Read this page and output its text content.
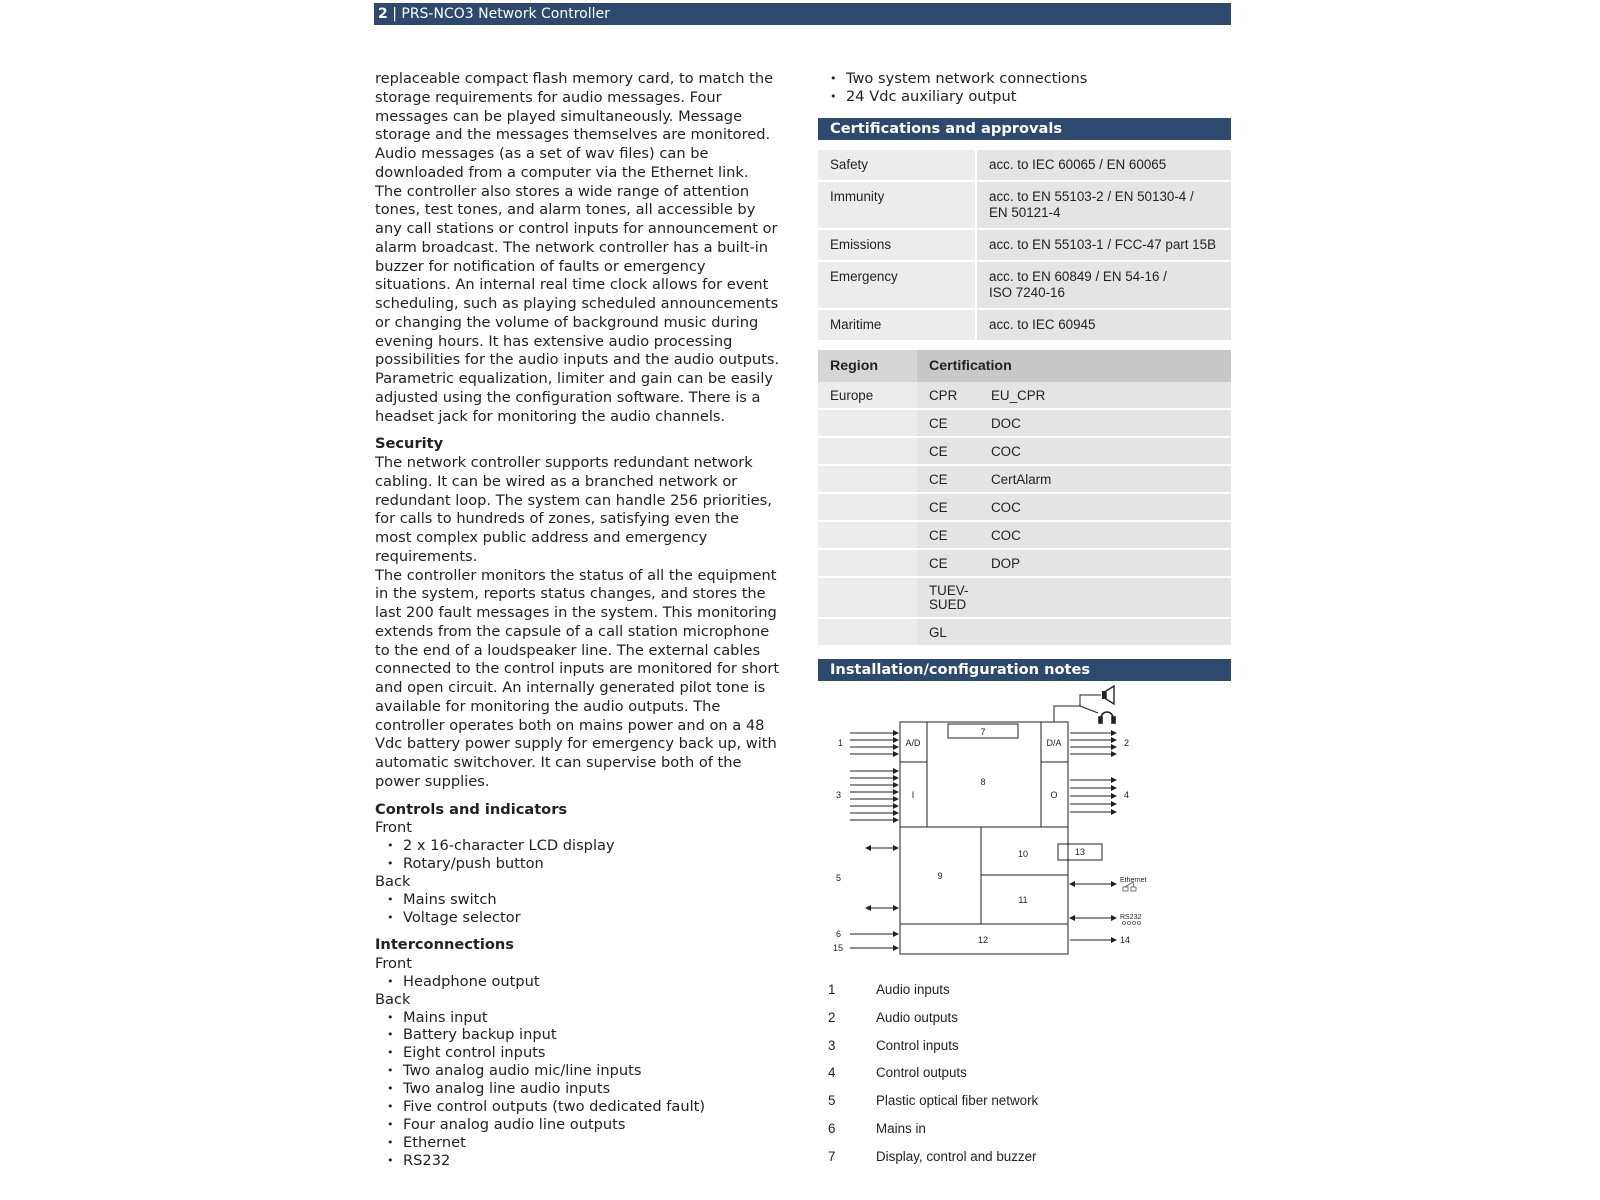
2 | PRS-NCO3 Network Controller

replaceable compact flash memory card, to match the storage requirements for audio messages. Four messages can be played simultaneously. Message storage and the messages themselves are monitored. Audio messages (as a set of wav files) can be downloaded from a computer via the Ethernet link.

The controller also stores a wide range of attention tones, test tones, and alarm tones, all accessible by any call stations or control inputs for announcement or alarm broadcast. The network controller has a built-in buzzer for notification of faults or emergency situations. An internal real time clock allows for event scheduling, such as playing scheduled announcements or changing the volume of background music during evening hours. It has extensive audio processing possibilities for the audio inputs and the audio outputs. Parametric equalization, limiter and gain can be easily adjusted using the configuration software. There is a headset jack for monitoring the audio channels.

Security

The network controller supports redundant network cabling. It can be wired as a branched network or redundant loop. The system can handle 256 priorities, for calls to hundreds of zones, satisfying even the most complex public address and emergency requirements.

The controller monitors the status of all the equipment in the system, reports status changes, and stores the last 200 fault messages in the system. This monitoring extends from the capsule of a call station microphone to the end of a loudspeaker line. The external cables connected to the control inputs are monitored for short and open circuit. An internally generated pilot tone is available for monitoring the audio outputs. The controller operates both on mains power and on a 48 Vdc battery power supply for emergency back up, with automatic switchover. It can supervise both of the power supplies.

Controls and indicators
Front
• 2 x 16-character LCD display
• Rotary/push button
Back
• Mains switch
• Voltage selector
Interconnections
Front
• Headphone output
Back
• Mains input
• Battery backup input
• Eight control inputs
• Two analog audio mic/line inputs
• Two analog line audio inputs
• Five control outputs (two dedicated fault)
• Four analog audio line outputs
• Ethernet
• RS232
• Two system network connections
• 24 Vdc auxiliary output
Certifications and approvals
Safety	acc. to IEC 60065 / EN 60065
Immunity	acc. to EN 55103-2 / EN 50130-4 /
EN 50121-4
Emissions	acc. to EN 55103-1 / FCC-47 part 15B
Emergency	acc. to EN 60849 / EN 54-16 /
ISO 7240-16
Maritime	acc. to IEC 60945
Region	Certification	
Europe	CPR	EU_CPR
	CE	DOC
	CE	COC
	CE	CertAlarm
	CE	COC
	CE	COC
	CE	DOP
	TUEV-
SUED	
	GL	
Installation/configuration notes
A/D	D/A
I	O
7
8
9
10
11
12
13
1	2
3	4
5
6
15
14
Ethernet
RS232
1	Audio inputs
2	Audio outputs
3	Control inputs
4	Control outputs
5	Plastic optical fiber network
6	Mains in
7	Display, control and buzzer
